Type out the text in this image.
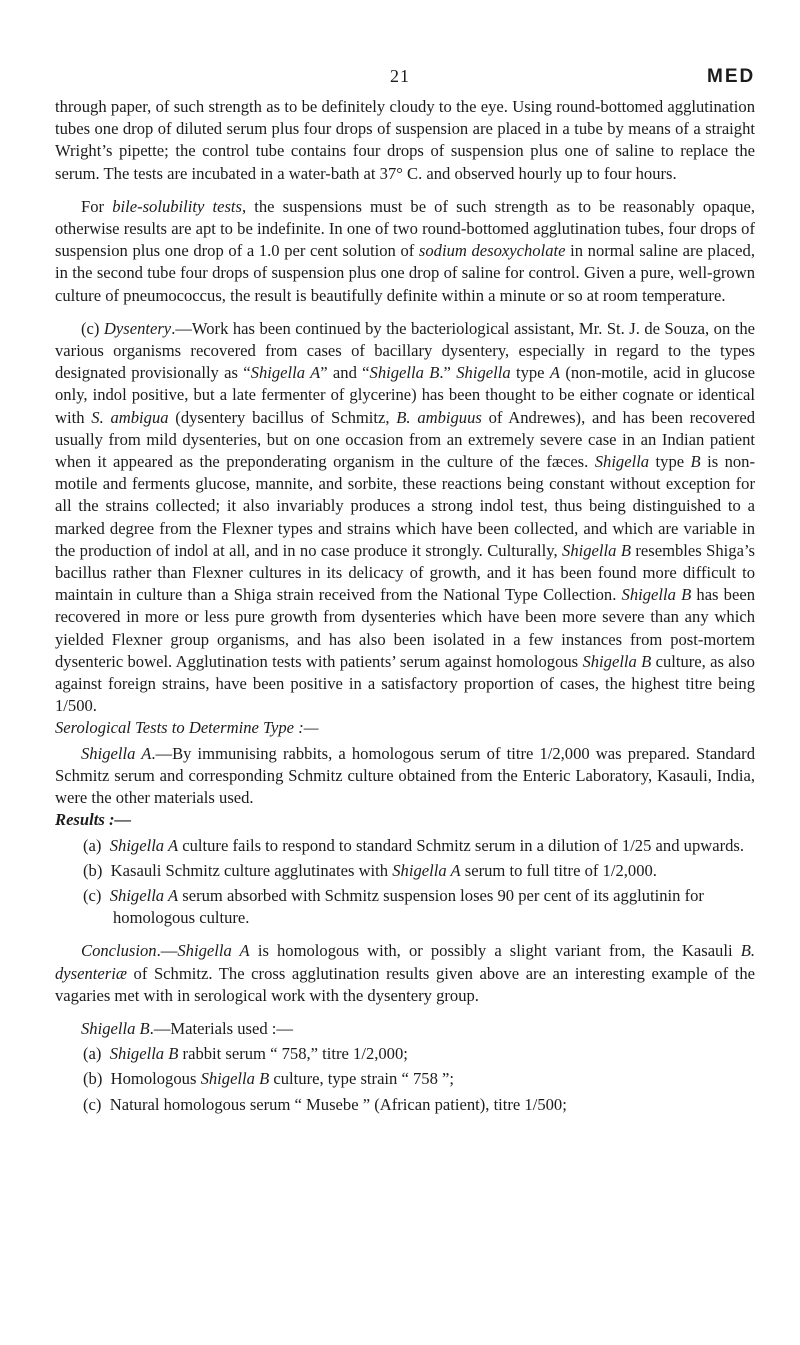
21	MED

through paper, of such strength as to be definitely cloudy to the eye. Using round-bottomed agglutination tubes one drop of diluted serum plus four drops of suspension are placed in a tube by means of a straight Wright’s pipette; the control tube contains four drops of suspension plus one of saline to replace the serum. The tests are incubated in a water-bath at 37° C. and observed hourly up to four hours.

For bile-solubility tests, the suspensions must be of such strength as to be reasonably opaque, otherwise results are apt to be indefinite. In one of two round-bottomed agglutination tubes, four drops of suspension plus one drop of a 1.0 per cent solution of sodium desoxycholate in normal saline are placed, in the second tube four drops of suspension plus one drop of saline for control. Given a pure, well-grown culture of pneumococcus, the result is beautifully definite within a minute or so at room temperature.

(c) Dysentery.—Work has been continued by the bacteriological assistant, Mr. St. J. de Souza, on the various organisms recovered from cases of bacillary dysentery, especially in regard to the types designated provisionally as “Shigella A” and “Shigella B.” Shigella type A (non-motile, acid in glucose only, indol positive, but a late fermenter of glycerine) has been thought to be either cognate or identical with S. ambigua (dysentery bacillus of Schmitz, B. ambiguus of Andrewes), and has been recovered usually from mild dysenteries, but on one occasion from an extremely severe case in an Indian patient when it appeared as the preponderating organism in the culture of the fæces. Shigella type B is non-motile and ferments glucose, mannite, and sorbite, these reactions being constant without exception for all the strains collected; it also invariably produces a strong indol test, thus being distinguished to a marked degree from the Flexner types and strains which have been collected, and which are variable in the production of indol at all, and in no case produce it strongly. Culturally, Shigella B resembles Shiga’s bacillus rather than Flexner cultures in its delicacy of growth, and it has been found more difficult to maintain in culture than a Shiga strain received from the National Type Collection. Shigella B has been recovered in more or less pure growth from dysenteries which have been more severe than any which yielded Flexner group organisms, and has also been isolated in a few instances from post-mortem dysenteric bowel. Agglutination tests with patients’ serum against homologous Shigella B culture, as also against foreign strains, have been positive in a satisfactory proportion of cases, the highest titre being 1/500.

Serological Tests to Determine Type :—

Shigella A.—By immunising rabbits, a homologous serum of titre 1/2,000 was prepared. Standard Schmitz serum and corresponding Schmitz culture obtained from the Enteric Laboratory, Kasauli, India, were the other materials used.

Results :—

(a) Shigella A culture fails to respond to standard Schmitz serum in a dilution of 1/25 and upwards.

(b) Kasauli Schmitz culture agglutinates with Shigella A serum to full titre of 1/2,000.

(c) Shigella A serum absorbed with Schmitz suspension loses 90 per cent of its agglutinin for homologous culture.

Conclusion.—Shigella A is homologous with, or possibly a slight variant from, the Kasauli B. dysenteriæ of Schmitz. The cross agglutination results given above are an interesting example of the vagaries met with in serological work with the dysentery group.

Shigella B.—Materials used :—

(a) Shigella B rabbit serum “ 758,” titre 1/2,000;

(b) Homologous Shigella B culture, type strain “ 758 ”;

(c) Natural homologous serum “ Musebe ” (African patient), titre 1/500;
